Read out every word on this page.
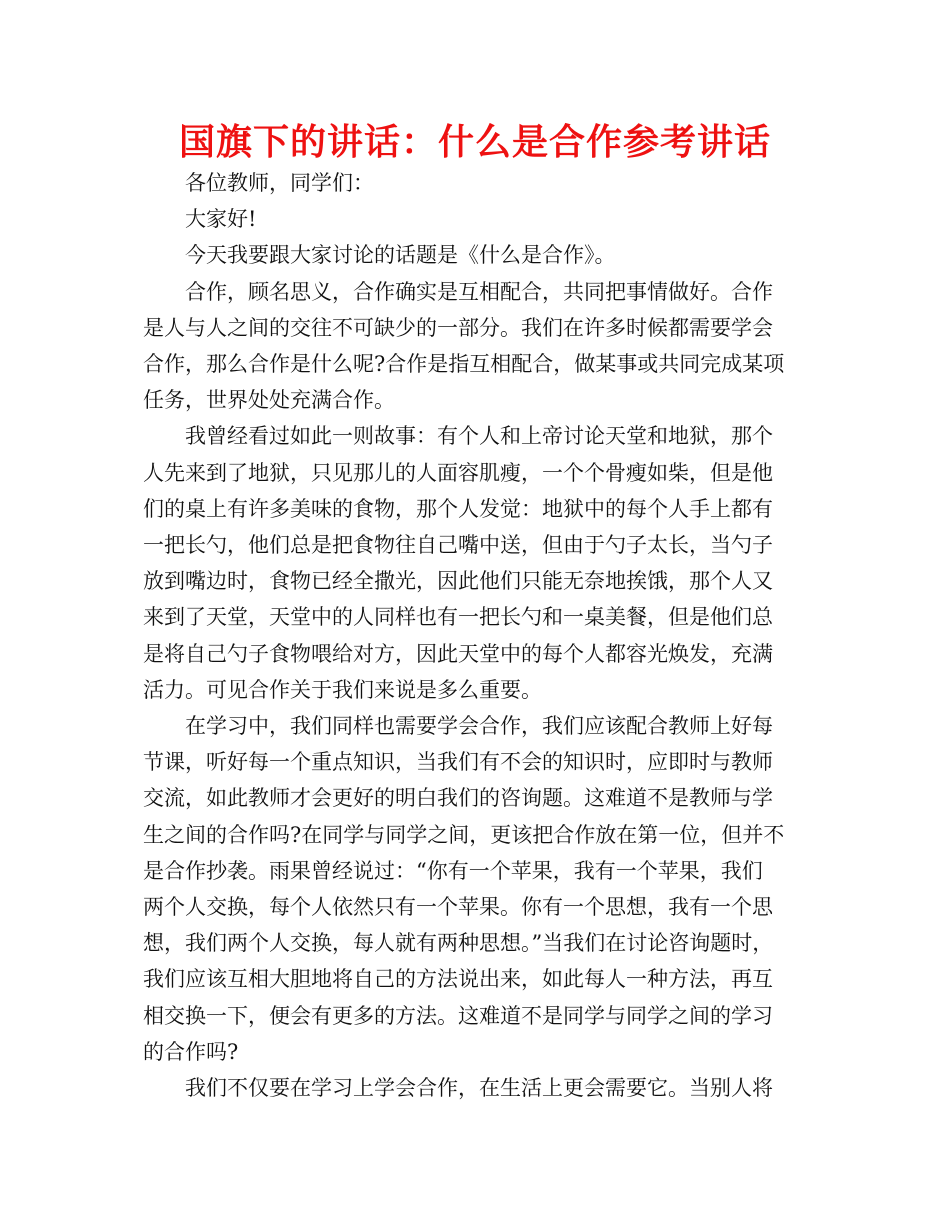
国旗下的讲话：什么是合作参考讲话

各位教师，同学们：

大家好!

今天我要跟大家讨论的话题是《什么是合作》。

合作，顾名思义，合作确实是互相配合，共同把事情做好。合作
是人与人之间的交往不可缺少的一部分。我们在许多时候都需要学会
合作，那么合作是什么呢?合作是指互相配合，做某事或共同完成某项
任务，世界处处充满合作。

我曾经看过如此一则故事：有个人和上帝讨论天堂和地狱，那个
人先来到了地狱，只见那儿的人面容肌瘦，一个个骨瘦如柴，但是他
们的桌上有许多美味的食物，那个人发觉：地狱中的每个人手上都有
一把长勺，他们总是把食物往自己嘴中送，但由于勺子太长，当勺子
放到嘴边时，食物已经全撒光，因此他们只能无奈地挨饿，那个人又
来到了天堂，天堂中的人同样也有一把长勺和一桌美餐，但是他们总
是将自己勺子食物喂给对方，因此天堂中的每个人都容光焕发，充满
活力。可见合作关于我们来说是多么重要。

在学习中，我们同样也需要学会合作，我们应该配合教师上好每
节课，听好每一个重点知识，当我们有不会的知识时，应即时与教师
交流，如此教师才会更好的明白我们的咨询题。这难道不是教师与学
生之间的合作吗?在同学与同学之间，更该把合作放在第一位，但并不
是合作抄袭。雨果曾经说过：“你有一个苹果，我有一个苹果，我们
两个人交换，每个人依然只有一个苹果。你有一个思想，我有一个思
想，我们两个人交换，每人就有两种思想。”当我们在讨论咨询题时，
我们应该互相大胆地将自己的方法说出来，如此每人一种方法，再互
相交换一下，便会有更多的方法。这难道不是同学与同学之间的学习
的合作吗?

我们不仅要在学习上学会合作，在生活上更会需要它。当别人将
